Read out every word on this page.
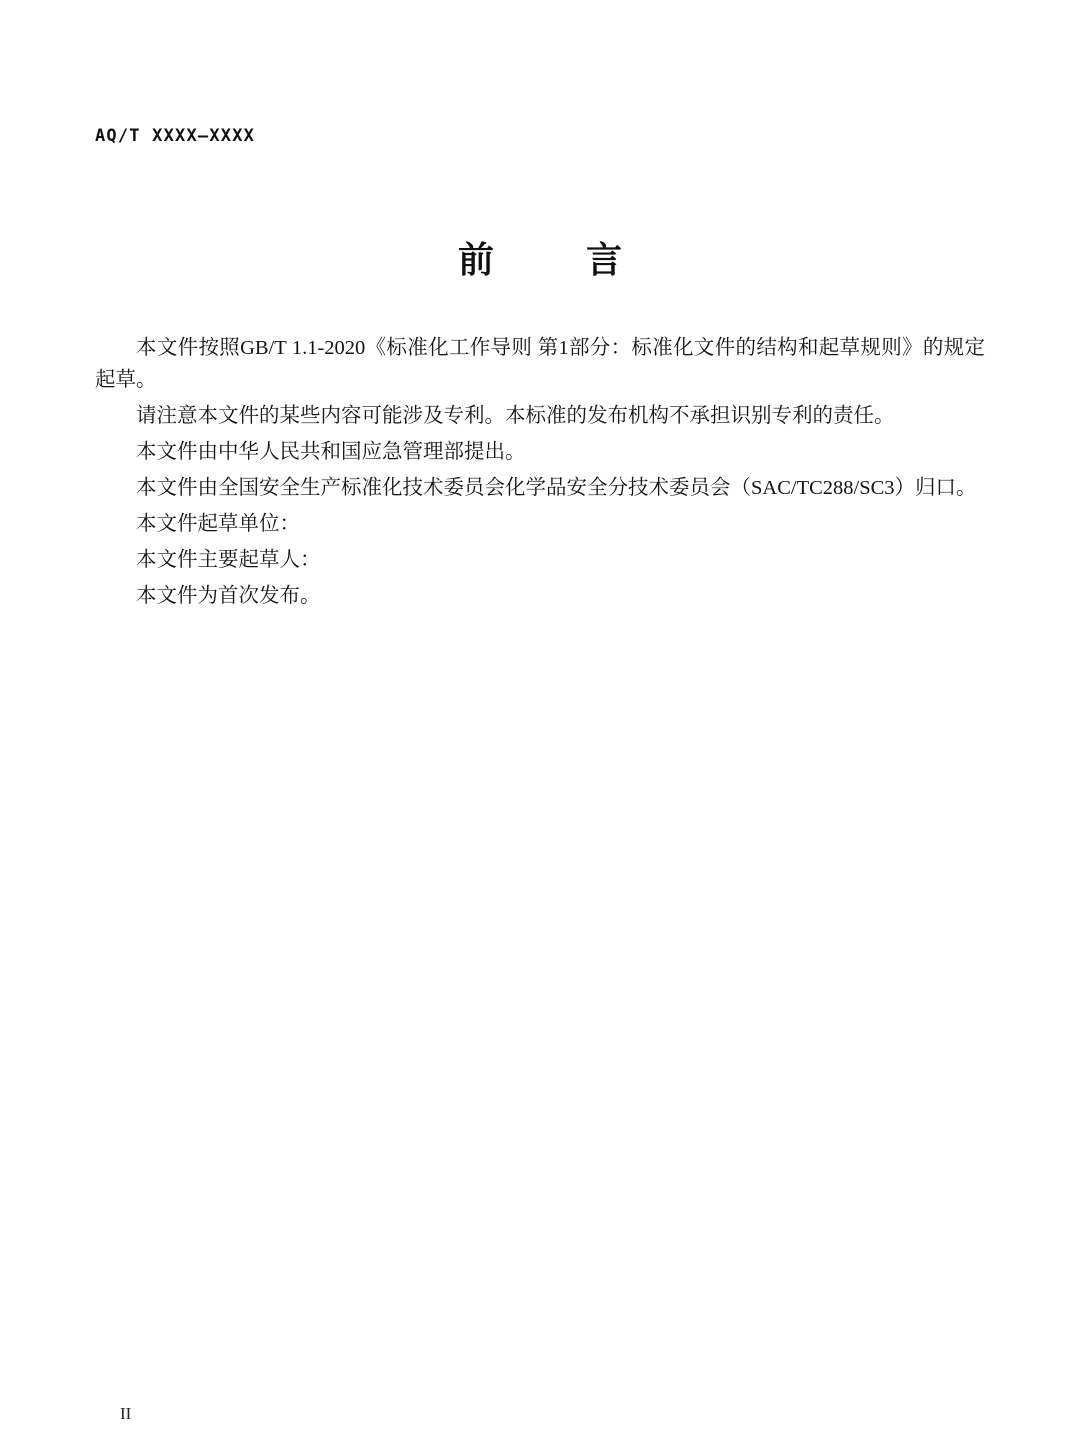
AQ/T XXXX—XXXX
前　言

本文件按照GB/T 1.1-2020《标准化工作导则 第1部分：标准化文件的结构和起草规则》的规定起草。

请注意本文件的某些内容可能涉及专利。本标准的发布机构不承担识别专利的责任。

本文件由中华人民共和国应急管理部提出。

本文件由全国安全生产标准化技术委员会化学品安全分技术委员会（SAC/TC288/SC3）归口。

本文件起草单位：

本文件主要起草人：

本文件为首次发布。

II
